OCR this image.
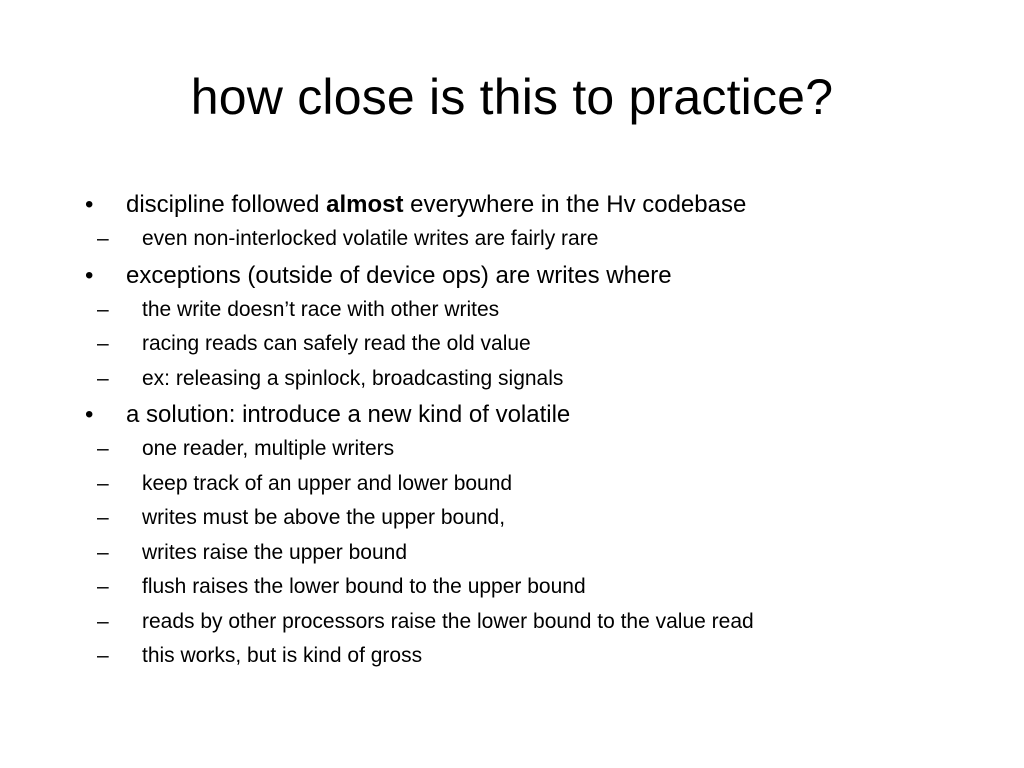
how close is this to practice?
•	discipline followed almost everywhere in the Hv codebase
–	even non-interlocked volatile writes are fairly rare
•	exceptions (outside of device ops) are writes where
–	the write doesn’t race with other writes
–	racing reads can safely read the old value
–	ex: releasing a spinlock, broadcasting signals
•	a solution: introduce a new kind of volatile
–	one reader, multiple writers
–	keep track of an upper and lower bound
–	writes must be above the upper bound,
–	writes raise the upper bound
–	flush raises the lower bound to the upper bound
–	reads by other processors raise the lower bound to the value read
–	this works, but is kind of gross
